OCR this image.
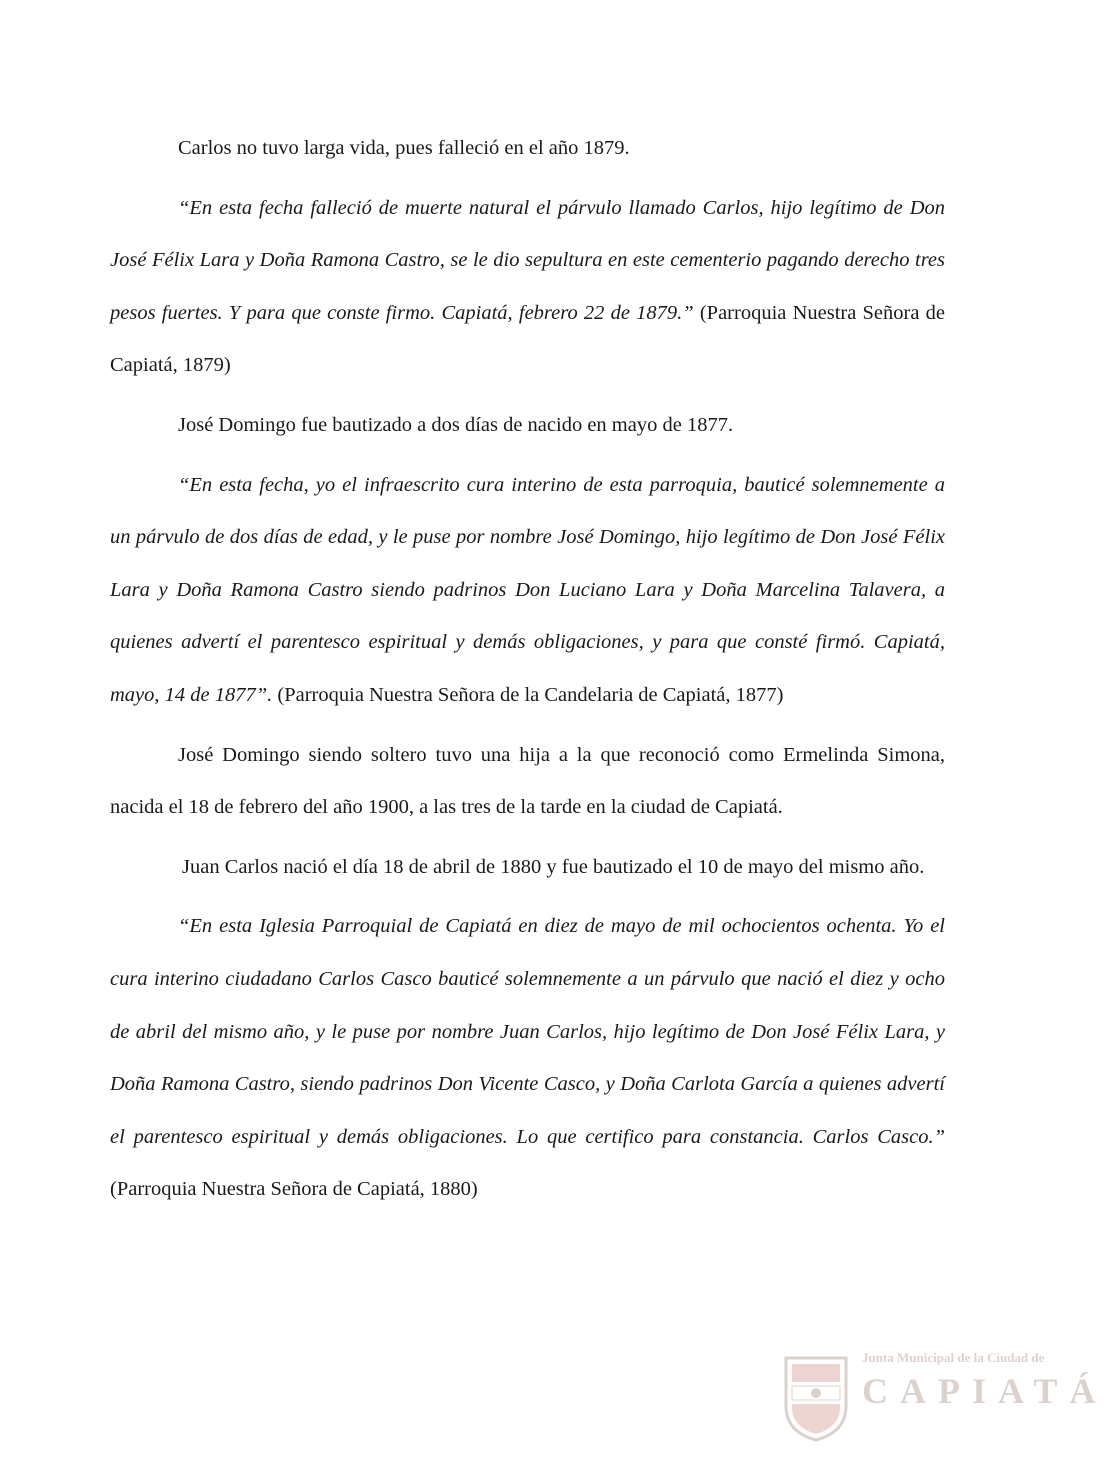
Carlos no tuvo larga vida, pues falleció en el año 1879.

“En esta fecha falleció de muerte natural el párvulo llamado Carlos, hijo legítimo de Don José Félix Lara y Doña Ramona Castro, se le dio sepultura en este cementerio pagando derecho tres pesos fuertes. Y para que conste firmo. Capiatá, febrero 22 de 1879.” (Parroquia Nuestra Señora de Capiatá, 1879)

José Domingo fue bautizado a dos días de nacido en mayo de 1877.

“En esta fecha, yo el infraescrito cura interino de esta parroquia, bauticé solemnemente a un párvulo de dos días de edad, y le puse por nombre José Domingo, hijo legítimo de Don José Félix Lara y Doña Ramona Castro siendo padrinos Don Luciano Lara y Doña Marcelina Talavera, a quienes advertí el parentesco espiritual y demás obligaciones, y para que consté firmó. Capiatá, mayo, 14 de 1877”. (Parroquia Nuestra Señora de la Candelaria de Capiatá, 1877)

José Domingo siendo soltero tuvo una hija a la que reconoció como Ermelinda Simona, nacida el 18 de febrero del año 1900, a las tres de la tarde en la ciudad de Capiatá.

Juan Carlos nació el día 18 de abril de 1880 y fue bautizado el 10 de mayo del mismo año.

“En esta Iglesia Parroquial de Capiatá en diez de mayo de mil ochocientos ochenta. Yo el cura interino ciudadano Carlos Casco bauticé solemnemente a un párvulo que nació el diez y ocho de abril del mismo año, y le puse por nombre Juan Carlos, hijo legítimo de Don José Félix Lara, y Doña Ramona Castro, siendo padrinos Don Vicente Casco, y Doña Carlota García a quienes advertí el parentesco espiritual y demás obligaciones. Lo que certifico para constancia. Carlos Casco.” (Parroquia Nuestra Señora de Capiatá, 1880)

Junta Municipal de la Ciudad de
CAPIATÁ
